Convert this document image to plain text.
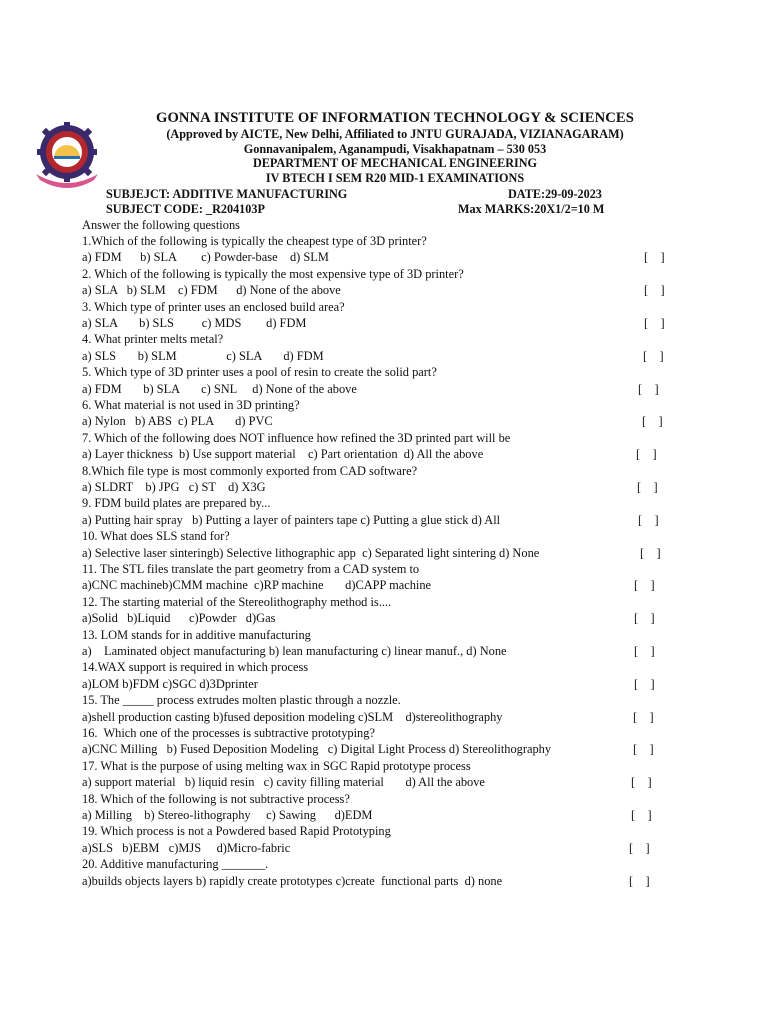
GONNA INSTITUTE OF INFORMATION TECHNOLOGY & SCIENCES
(Approved by AICTE, New Delhi, Affiliated to JNTU GURAJADA, VIZIANAGARAM)
Gonnavanipalem, Aganampudi, Visakhapatnam – 530 053
DEPARTMENT OF MECHANICAL ENGINEERING
IV BTECH I SEM R20 MID-1 EXAMINATIONS
SUBJEJCT: ADDITIVE MANUFACTURING	DATE:29-09-2023
SUBJECT CODE: _R204103P	Max MARKS:20X1/2=10 M
Answer the following questions
1.Which of the following is typically the cheapest type of 3D printer?
a) FDM      b) SLA        c) Powder-base    d) SLM	[    ]
2. Which of the following is typically the most expensive type of 3D printer?
a) SLA   b) SLM    c) FDM      d) None of the above	[    ]
3. Which type of printer uses an enclosed build area?
a) SLA       b) SLS         c) MDS        d) FDM	[    ]
4. What printer melts metal?
a) SLS       b) SLM                c) SLA       d) FDM	[    ]
5. Which type of 3D printer uses a pool of resin to create the solid part?
a) FDM       b) SLA       c) SNL     d) None of the above	[    ]
6. What material is not used in 3D printing?
a) Nylon   b) ABS  c) PLA       d) PVC	[    ]
7. Which of the following does NOT influence how refined the 3D printed part will be
a) Layer thickness  b) Use support material    c) Part orientation  d) All the above	[    ]
8.Which file type is most commonly exported from CAD software?
a) SLDRT    b) JPG   c) ST    d) X3G	[    ]
9. FDM build plates are prepared by...
a) Putting hair spray   b) Putting a layer of painters tape c) Putting a glue stick d) All	[    ]
10. What does SLS stand for?
a) Selective laser sinteringb) Selective lithographic app  c) Separated light sintering d) None	[    ]
11. The STL files translate the part geometry from a CAD system to
a)CNC machineb)CMM machine  c)RP machine       d)CAPP machine	[    ]
12. The starting material of the Stereolithography method is....
a)Solid   b)Liquid      c)Powder   d)Gas	[    ]
13. LOM stands for in additive manufacturing
a)    Laminated object manufacturing b) lean manufacturing c) linear manuf., d) None	[    ]
14.WAX support is required in which process
a)LOM b)FDM c)SGC d)3Dprinter	[    ]
15. The _____ process extrudes molten plastic through a nozzle.
a)shell production casting b)fused deposition modeling c)SLM    d)stereolithography	[    ]
16.  Which one of the processes is subtractive prototyping?
a)CNC Milling   b) Fused Deposition Modeling   c) Digital Light Process d) Stereolithography	[    ]
17. What is the purpose of using melting wax in SGC Rapid prototype process
a) support material   b) liquid resin   c) cavity filling material       d) All the above	[    ]
18. Which of the following is not subtractive process?
a) Milling    b) Stereo-lithography     c) Sawing      d)EDM	[    ]
19. Which process is not a Powdered based Rapid Prototyping
a)SLS   b)EBM   c)MJS     d)Micro-fabric	[    ]
20. Additive manufacturing _______.
a)builds objects layers b) rapidly create prototypes c)create  functional parts  d) none	[    ]
